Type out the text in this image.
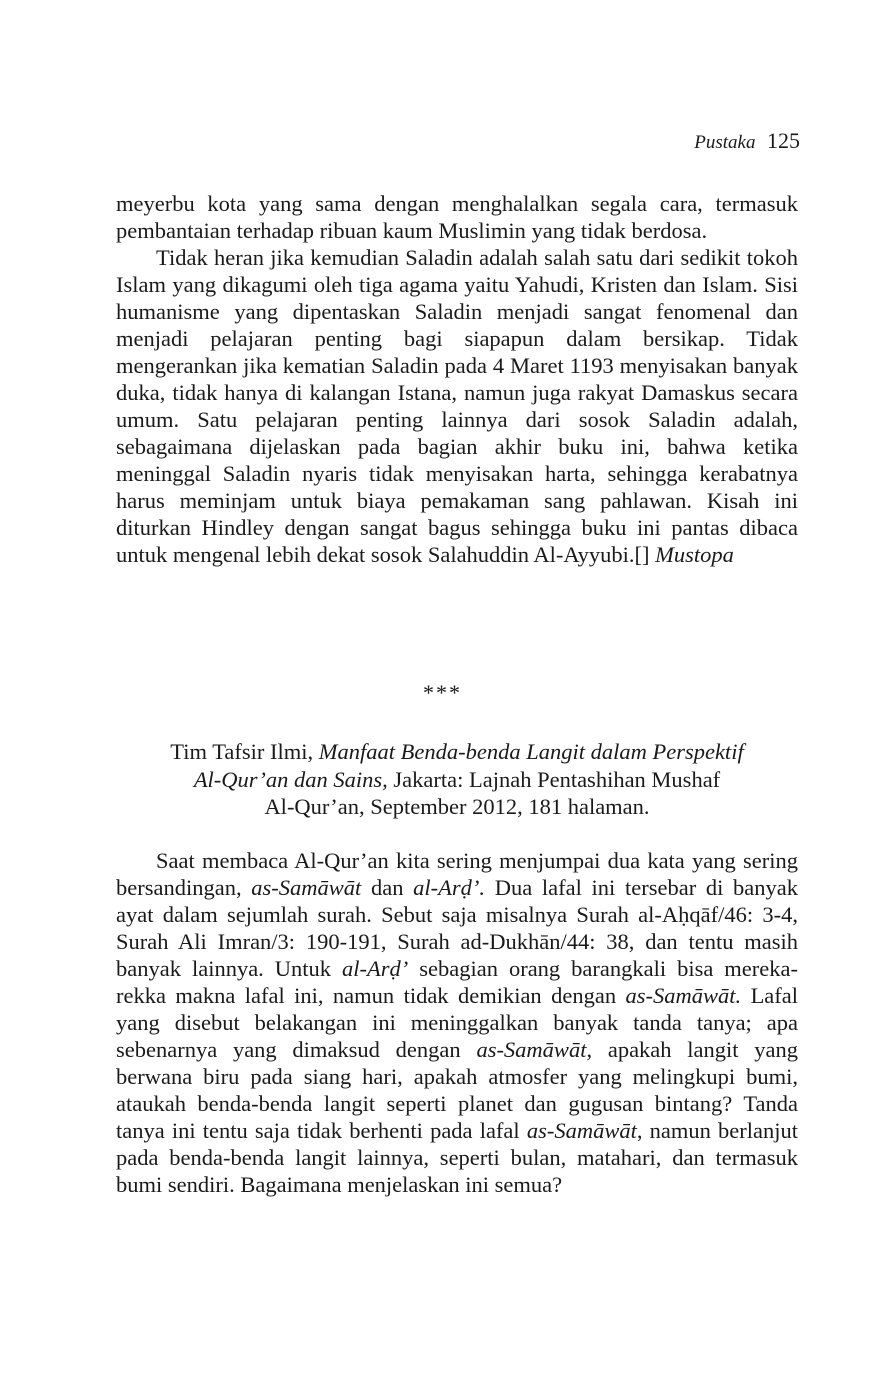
Pustaka 125

meyerbu kota yang sama dengan menghalalkan segala cara, termasuk pembantaian terhadap ribuan kaum Muslimin yang tidak berdosa.

Tidak heran jika kemudian Saladin adalah salah satu dari sedikit tokoh Islam yang dikagumi oleh tiga agama yaitu Yahudi, Kristen dan Islam. Sisi humanisme yang dipentaskan Saladin menjadi sangat fenomenal dan menjadi pelajaran penting bagi siapapun dalam bersikap. Tidak mengerankan jika kematian Saladin pada 4 Maret 1193 menyisakan banyak duka, tidak hanya di kalangan Istana, namun juga rakyat Damaskus secara umum. Satu pelajaran penting lainnya dari sosok Saladin adalah, sebagaimana dijelaskan pada bagian akhir buku ini, bahwa ketika meninggal Saladin nyaris tidak menyisakan harta, sehingga kerabatnya harus meminjam untuk biaya pemakaman sang pahlawan. Kisah ini diturkan Hindley dengan sangat bagus sehingga buku ini pantas dibaca untuk mengenal lebih dekat sosok Salahuddin Al-Ayyubi.[] Mustopa

***
Tim Tafsir Ilmi, Manfaat Benda-benda Langit dalam Perspektif
Al-Qur’an dan Sains, Jakarta: Lajnah Pentashihan Mushaf
Al-Qur’an, September 2012, 181 halaman.

Saat membaca Al-Qur’an kita sering menjumpai dua kata yang sering bersandingan, as-Samāwāt dan al-Arḍ’. Dua lafal ini tersebar di banyak ayat dalam sejumlah surah. Sebut saja misalnya Surah al-Aḥqāf/46: 3-4, Surah Ali Imran/3: 190-191, Surah ad-Dukhān/44: 38, dan tentu masih banyak lainnya. Untuk al-Arḍ’ sebagian orang barangkali bisa mereka-rekka makna lafal ini, namun tidak demikian dengan as-Samāwāt. Lafal yang disebut belakangan ini meninggalkan banyak tanda tanya; apa sebenarnya yang dimaksud dengan as-Samāwāt, apakah langit yang berwana biru pada siang hari, apakah atmosfer yang melingkupi bumi, ataukah benda-benda langit seperti planet dan gugusan bintang? Tanda tanya ini tentu saja tidak berhenti pada lafal as-Samāwāt, namun berlanjut pada benda-benda langit lainnya, seperti bulan, matahari, dan termasuk bumi sendiri. Bagaimana menjelaskan ini semua?
